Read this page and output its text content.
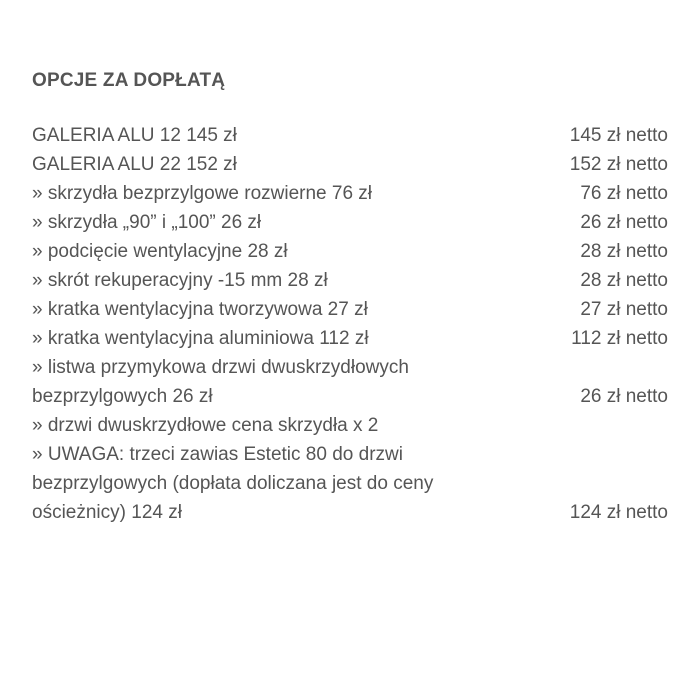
OPCJE ZA DOPŁATĄ
GALERIA ALU 12 145 zł	145 zł netto
GALERIA ALU 22 152 zł	152 zł netto
» skrzydła bezprzylgowe rozwierne 76 zł	76 zł netto
» skrzydła „90” i „100” 26 zł	26 zł netto
» podcięcie wentylacyjne 28 zł	28 zł netto
» skrót rekuperacyjny -15 mm 28 zł	28 zł netto
» kratka wentylacyjna tworzywowa 27 zł	27 zł netto
» kratka wentylacyjna aluminiowa 112 zł	112 zł netto
» listwa przymykowa drzwi dwuskrzydłowych
bezprzylgowych 26 zł	26 zł netto
» drzwi dwuskrzydłowe cena skrzydła x 2
» UWAGA: trzeci zawias Estetic 80 do drzwi
bezprzylgowych (dopłata doliczana jest do ceny
ościeżnicy) 124 zł	124 zł netto
